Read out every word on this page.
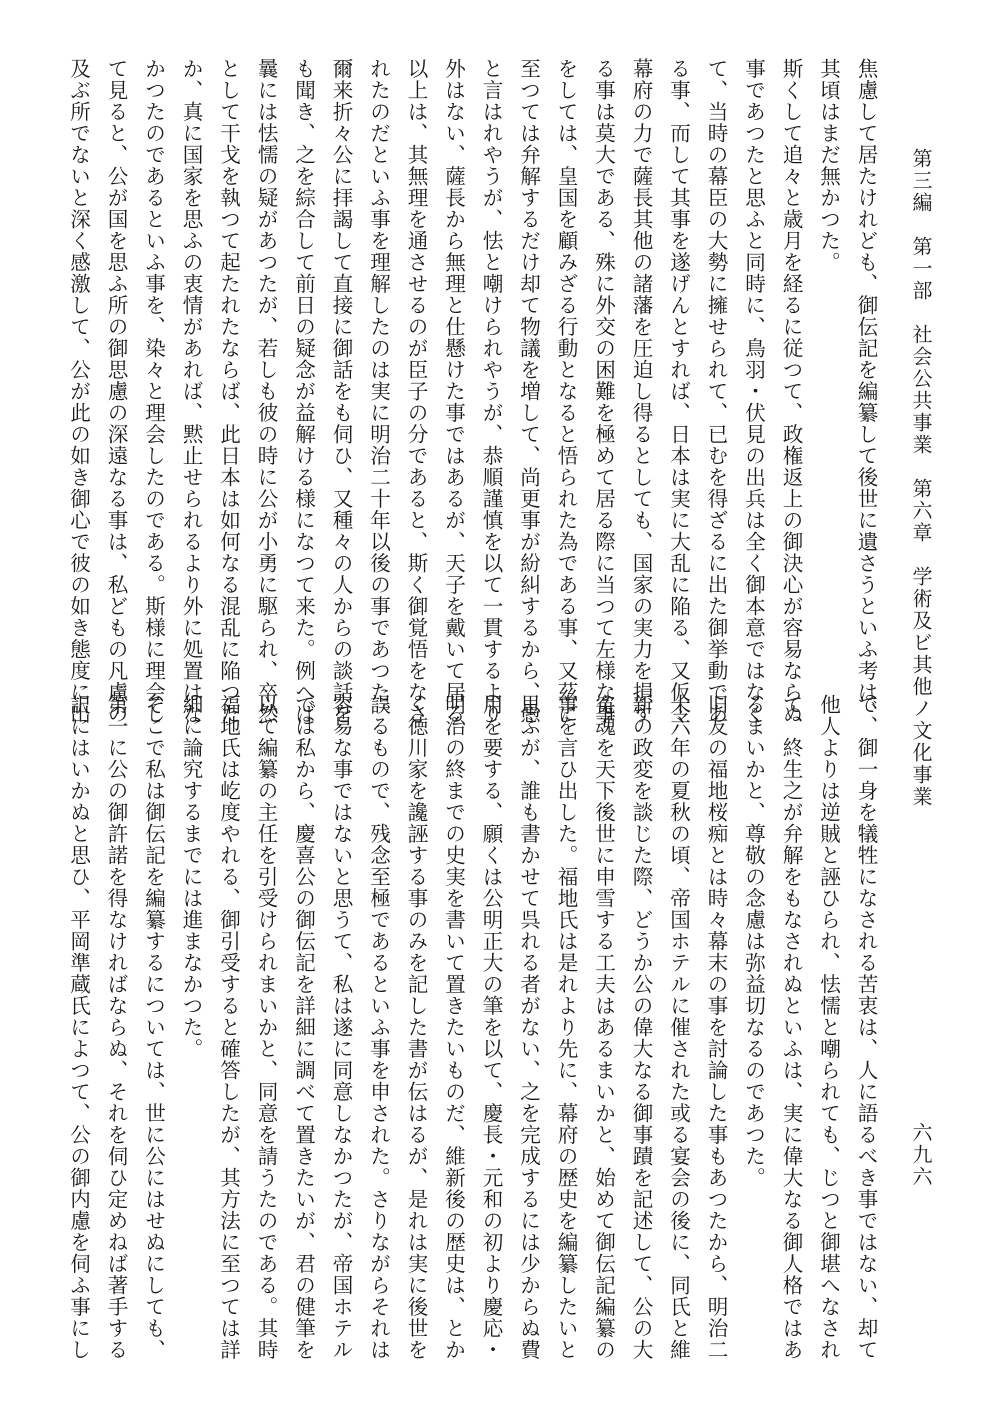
第三編　第一部　社会公共事業　第六章　学術及ビ其他ノ文化事業
六九六

焦慮して居たけれども、御伝記を編纂して後世に遺さうといふ考は、

其頃はまだ無かつた。

斯くして追々と歳月を経るに従つて、政権返上の御決心が容易ならぬ

事であつたと思ふと同時に、鳥羽・伏見の出兵は全く御本意ではなく

て、当時の幕臣の大勢に擁せられて、已むを得ざるに出た御挙動であ

る事、而して其事を遂げんとすれば、日本は実に大乱に陥る、又仮令

幕府の力で薩長其他の諸藩を圧迫し得るとしても、国家の実力を損す

る事は莫大である、殊に外交の困難を極めて居る際に当つて左様な事

をしては、皇国を顧みざる行動となると悟られた為である事、又茲に

至つては弁解するだけ却て物議を増して、尚更事が紛糾するから、愚

と言はれやうが、怯と嘲けられやうが、恭順謹慎を以て一貫するより

外はない、薩長から無理と仕懸けた事ではあるが、天子を戴いて居る

以上は、其無理を通させるのが臣子の分であると、斯く御覚悟をなさ

れたのだといふ事を理解したのは実に明治二十年以後の事であつた。

爾来折々公に拝謁して直接に御話をも伺ひ、又種々の人からの談話を

も聞き、之を綜合して前日の疑念が益解ける様になつて来た。例へば

曩には怯懦の疑があつたが、若しも彼の時に公が小勇に駆られ、卒然

として干戈を執つて起たれたならば、此日本は如何なる混乱に陥つた

か、真に国家を思ふの衷情があれば、黙止せられるより外に処置はな

かつたのであるといふ事を、染々と理会したのである。斯様に理会し

て見ると、公が国を思ふ所の御思慮の深遠なる事は、私どもの凡慮の

及ぶ所でないと深く感激して、公が此の如き御心で彼の如き態度に出

で、御一身を犠牲になされる苦衷は、人に語るべき事ではない、却て

他人よりは逆賊と誣ひられ、怯懦と嘲られても、じつと御堪へなされ

て、終生之が弁解をもなされぬといふは、実に偉大なる御人格ではあ

るまいかと、尊敬の念慮は弥益切なるのであつた。

旧友の福地桜痴とは時々幕末の事を討論した事もあつたから、明治二

十六年の夏秋の頃、帝国ホテルに催された或る宴会の後に、同氏と維

新の政変を談じた際、どうか公の偉大なる御事蹟を記述して、公の大

寃魂を天下後世に申雪する工夫はあるまいかと、始めて御伝記編纂の

事を言ひ出した。福地氏は是れより先に、幕府の歴史を編纂したいと

思ふが、誰も書かせて呉れる者がない、之を完成するには少からぬ費

用を要する、願くは公明正大の筆を以て、慶長・元和の初より慶応・

明治の終までの史実を書いて置きたいものだ、維新後の歴史は、とか

く徳川家を讒誣する事のみを記した書が伝はるが、是れは実に後世を

誤るもので、残念至極であるといふ事を申された。さりながらそれは

容易な事ではないと思うて、私は遂に同意しなかつたが、帝国ホテル

では私から、慶喜公の御伝記を詳細に調べて置きたいが、君の健筆を

以て編纂の主任を引受けられまいかと、同意を請うたのである。其時

福地氏は屹度やれる、御引受すると確答したが、其方法に至つては詳

細に論究するまでには進まなかつた。

そこで私は御伝記を編纂するについては、世に公にはせぬにしても、

第一に公の御許諾を得なければならぬ、それを伺ひ定めねば著手する

訳にはいかぬと思ひ、平岡準蔵氏によつて、公の御内慮を伺ふ事にし
